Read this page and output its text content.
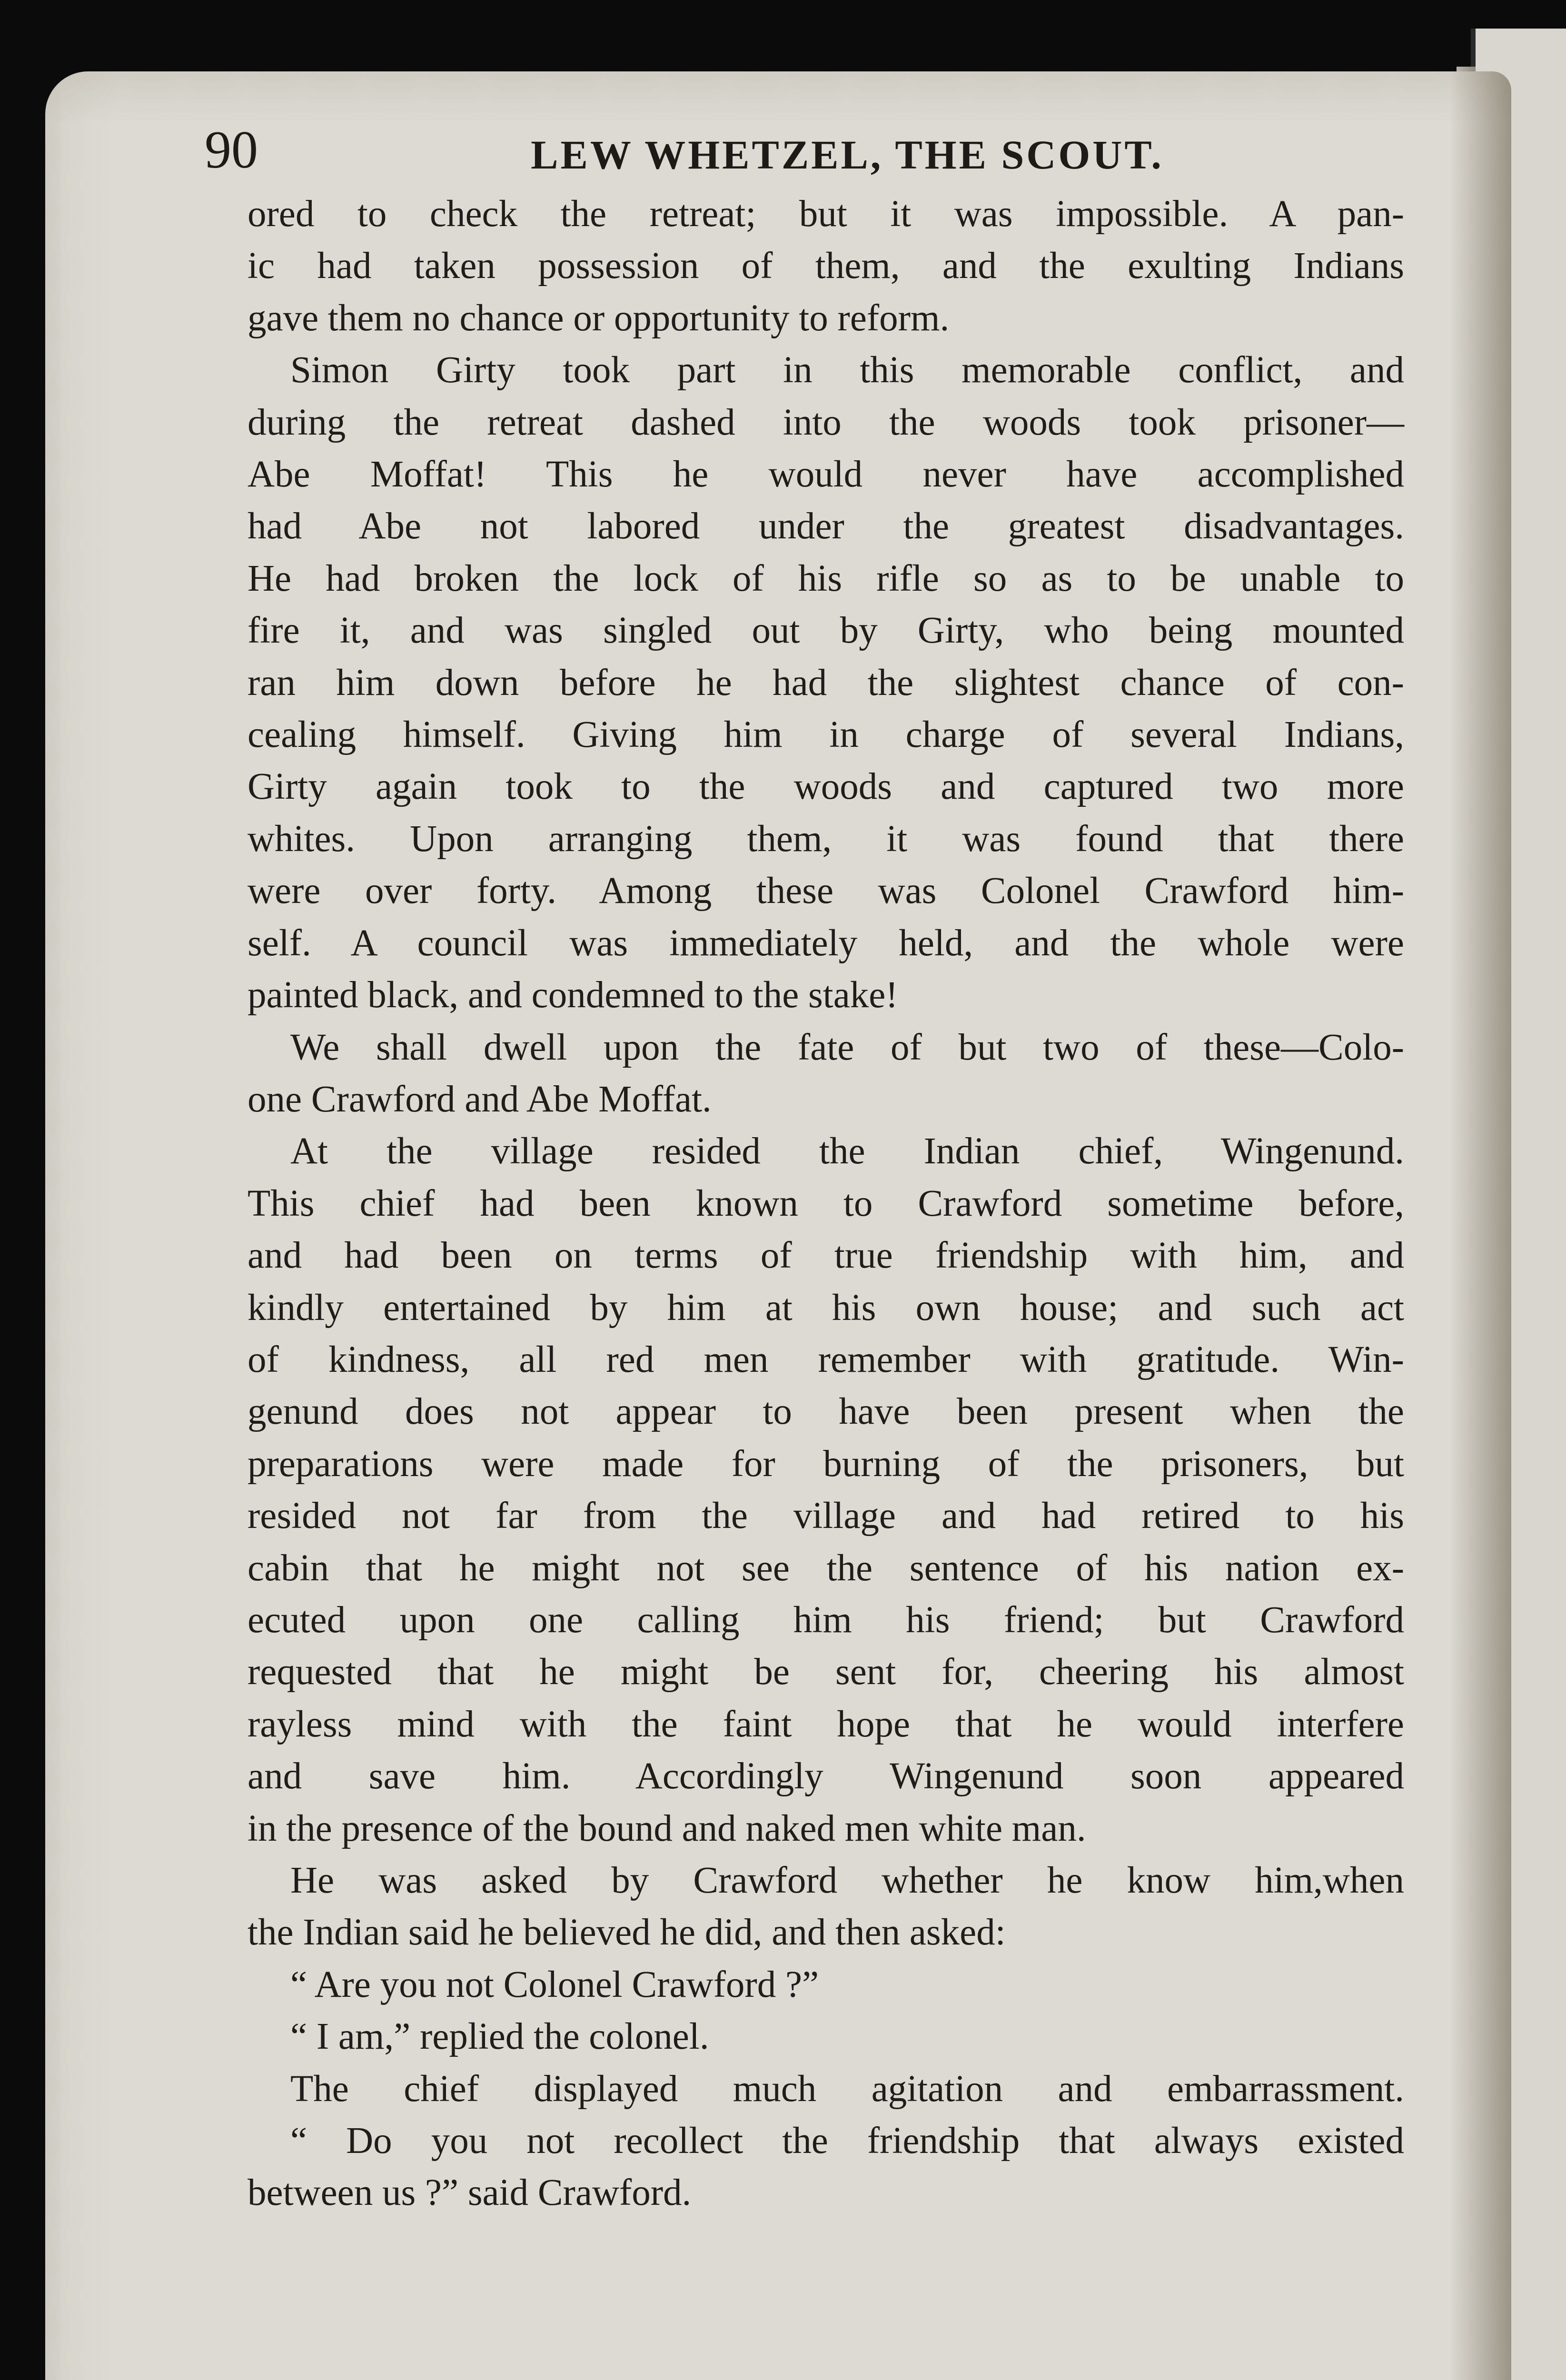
90	LEW WHETZEL, THE SCOUT.
ored to check the retreat; but it was impossible. A pan-
ic had taken possession of them, and the exulting Indians
gave them no chance or opportunity to reform.
Simon Girty took part in this memorable conflict, and
during the retreat dashed into the woods took prisoner—
Abe Moffat! This he would never have accomplished
had Abe not labored under the greatest disadvantages.
He had broken the lock of his rifle so as to be unable to
fire it, and was singled out by Girty, who being mounted
ran him down before he had the slightest chance of con-
cealing himself. Giving him in charge of several Indians,
Girty again took to the woods and captured two more
whites. Upon arranging them, it was found that there
were over forty. Among these was Colonel Crawford him-
self. A council was immediately held, and the whole were
painted black, and condemned to the stake!
We shall dwell upon the fate of but two of these—Colo-
one Crawford and Abe Moffat.
At the village resided the Indian chief, Wingenund.
This chief had been known to Crawford sometime before,
and had been on terms of true friendship with him, and
kindly entertained by him at his own house; and such act
of kindness, all red men remember with gratitude. Win-
genund does not appear to have been present when the
preparations were made for burning of the prisoners, but
resided not far from the village and had retired to his
cabin that he might not see the sentence of his nation ex-
ecuted upon one calling him his friend; but Crawford
requested that he might be sent for, cheering his almost
rayless mind with the faint hope that he would interfere
and save him. Accordingly Wingenund soon appeared
in the presence of the bound and naked men white man.
He was asked by Crawford whether he know him,when
the Indian said he believed he did, and then asked:
“ Are you not Colonel Crawford ?”
“ I am,” replied the colonel.
The chief displayed much agitation and embarrassment.
“ Do you not recollect the friendship that always existed
between us ?” said Crawford.
